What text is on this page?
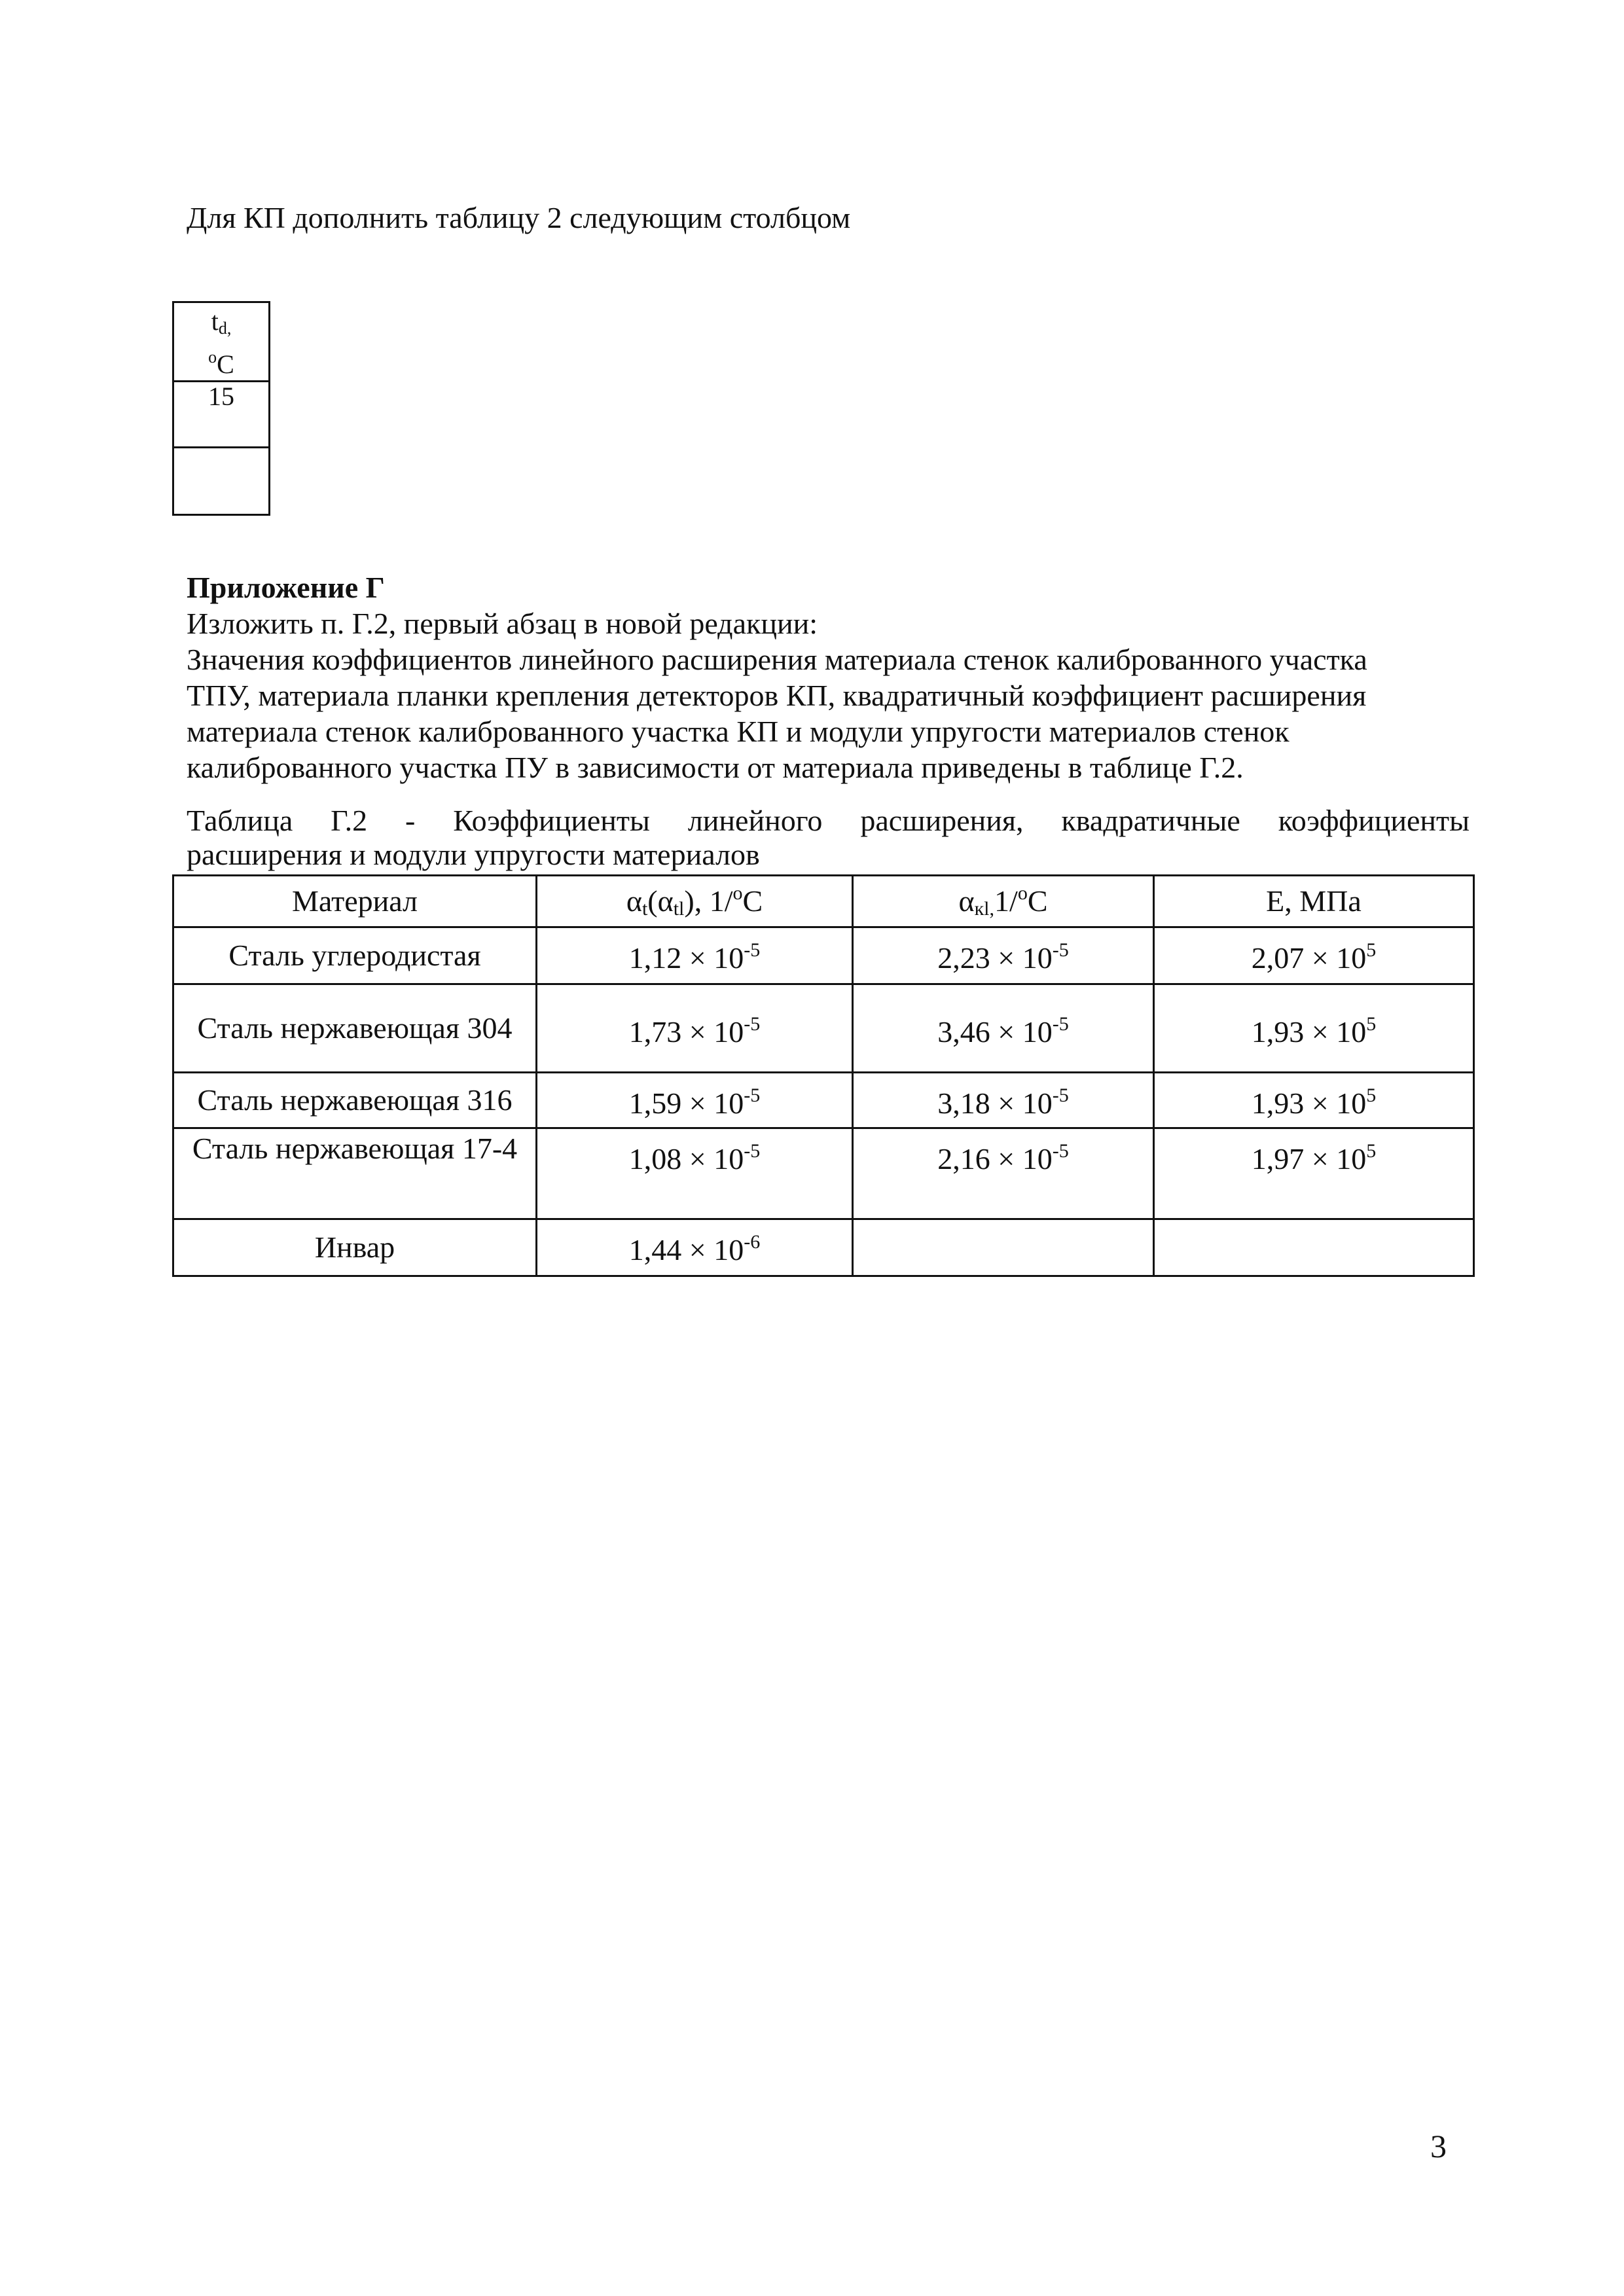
Для КП дополнить таблицу 2 следующим столбцом
$t_{d,}$
$^o$C
15

Приложение Г
Изложить п. Г.2, первый абзац в новой редакции:
Значения коэффициентов линейного расширения материала стенок калиброванного участка
ТПУ, материала планки крепления детекторов КП, квадратичный коэффициент расширения
материала стенок калиброванного участка КП и модули упругости материалов стенок
калиброванного участка ПУ в зависимости от материала приведены в таблице Г.2.
Таблица Г.2 - Коэффициенты линейного расширения, квадратичные коэффициенты
расширения и модули упругости материалов
Материал	αt(αtl), 1/$^o$C	αкl,1/$^o$C	Е, МПа
Сталь углеродистая	$1,12 \times 10^{-5}$	$2,23 \times 10^{-5}$	$2,07 \times 10^5$
Сталь нержавеющая 304	$1,73 \times 10^{-5}$	$3,46 \times 10^{-5}$	$1,93 \times 10^5$
Сталь нержавеющая 316	$1,59 \times 10^{-5}$	$3,18 \times 10^{-5}$	$1,93 \times 10^5$
Сталь нержавеющая 17-4	$1,08 \times 10^{-5}$	$2,16 \times 10^{-5}$	$1,97 \times 10^5$
Инвар	$1,44 \times 10^{-6}$		
3
